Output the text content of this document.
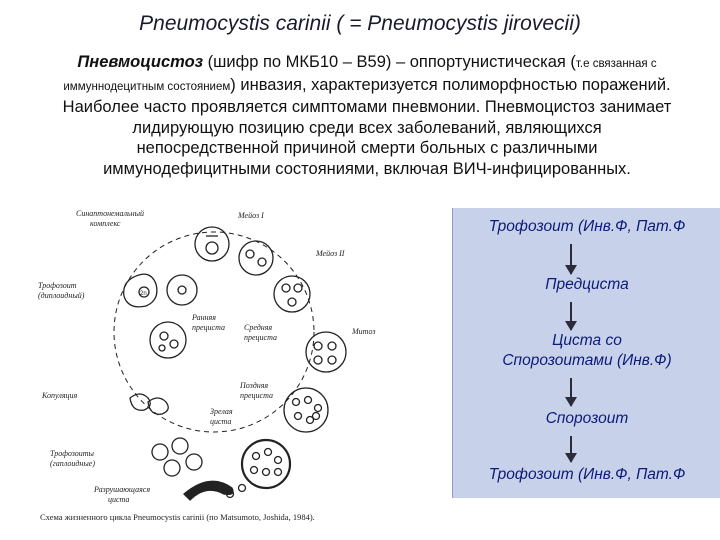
Pneumocystis carinii ( = Pneumocystis jirovecii)
Пневмоцистоз (шифр по МКБ10 – B59) – оппортунистическая (т.е связанная с иммуннодецитным состоянием) инвазия, характеризуется полиморфностью поражений. Наиболее часто проявляется симптомами пневмонии. Пневмоцистоз занимает лидирующую позицию среди всех заболеваний, являющихся непосредственной причиной смерти больных с различными иммунодефицитными состояниями, включая ВИЧ-инфицированных.
2n
Синаптонемальный
комплекс
Мейоз I
Мейоз II
Трофозоит
(диплоидный)
Ранняя
прециста Средняя
прециста
Митоз
Копуляция
Поздняя
прециста
Зрелая
циста
Трофозоиты
(гаплоидные)
Разрушающаяся
циста
Схема жизненного цикла Pneumocystis carinii (по Matsumoto, Joshida, 1984).
Трофозоит (Инв.Ф, Пат.Ф
Предциста
Циста со
Спорозоитами (Инв.Ф)
Спорозоит
Трофозоит (Инв.Ф, Пат.Ф
